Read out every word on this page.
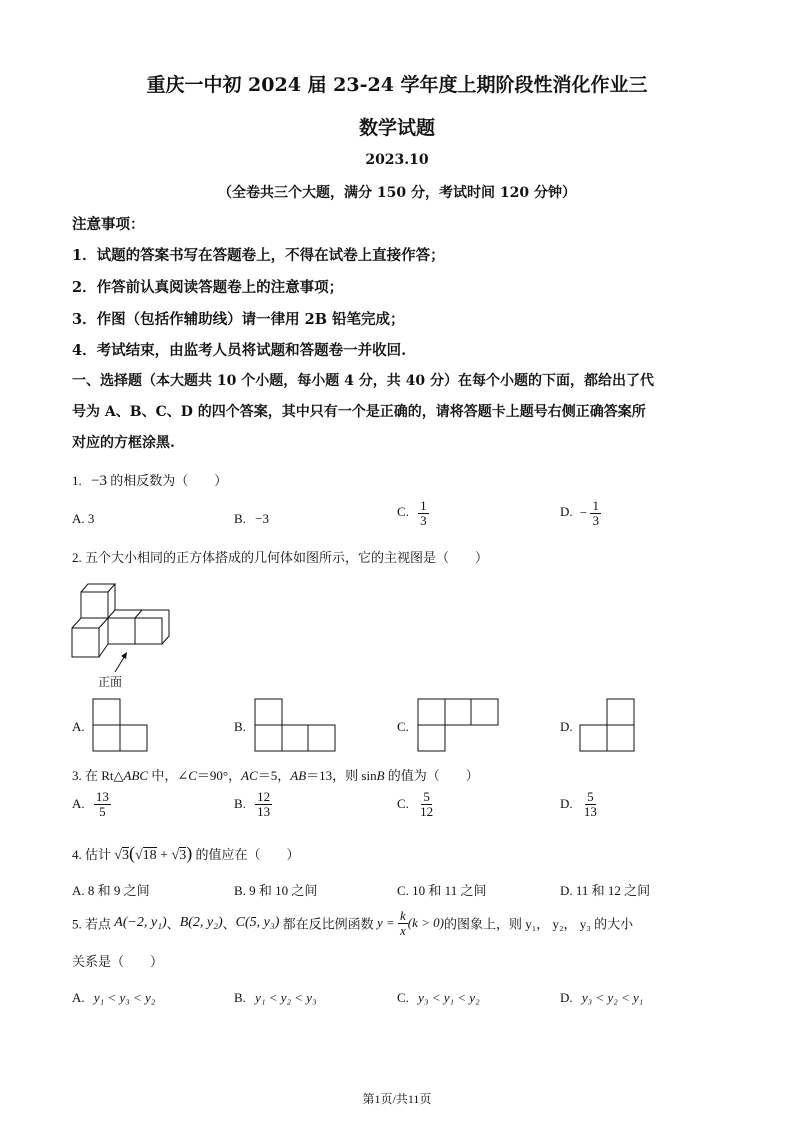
重庆一中初 2024 届 23-24 学年度上期阶段性消化作业三
数学试题
2023.10
（全卷共三个大题，满分 150 分，考试时间 120 分钟）
注意事项：
1．试题的答案书写在答题卷上，不得在试卷上直接作答；
2．作答前认真阅读答题卷上的注意事项；
3．作图（包括作辅助线）请一律用 2B 铅笔完成；
4．考试结束，由监考人员将试题和答题卷一并收回.
一、选择题（本大题共 10 个小题，每小题 4 分，共 40 分）在每个小题的下面，都给出了代
号为 A、B、C、D 的四个答案，其中只有一个是正确的，请将答题卡上题号右侧正确答案所
对应的方框涂黑.
1. −3 的相反数为（　　）
A. 3	B. −3	C. $\frac{1}{3}$	D. − $\frac{1}{3}$
2. 五个大小相同的正方体搭成的几何体如图所示，它的主视图是（　　）
正面
A.	B.	C.	D.
3. 在 Rt△ABC 中，∠C＝90°，AC＝5，AB＝13，则 sinB 的值为（　　）
A. $\frac{13}{5}$	B. $\frac{12}{13}$	C. $\frac{5}{12}$	D. $\frac{5}{13}$
4. 估计 √3(√18 + √3) 的值应在（　　）
A. 8 和 9 之间	B. 9 和 10 之间	C. 10 和 11 之间	D. 11 和 12 之间
5. 若点 A(−2, y₁)、B(2, y₂)、C(5, y₃) 都在反比例函数 $y = \frac{k}{x} (k > 0)$的图象上，则 y₁， y₂， y₃ 的大小
关系是（　　）
A. y₁ < y₃ < y₂	B. y₁ < y₂ < y₃	C. y₃ < y₁ < y₂	D. y₃ < y₂ < y₁
第1页/共11页
